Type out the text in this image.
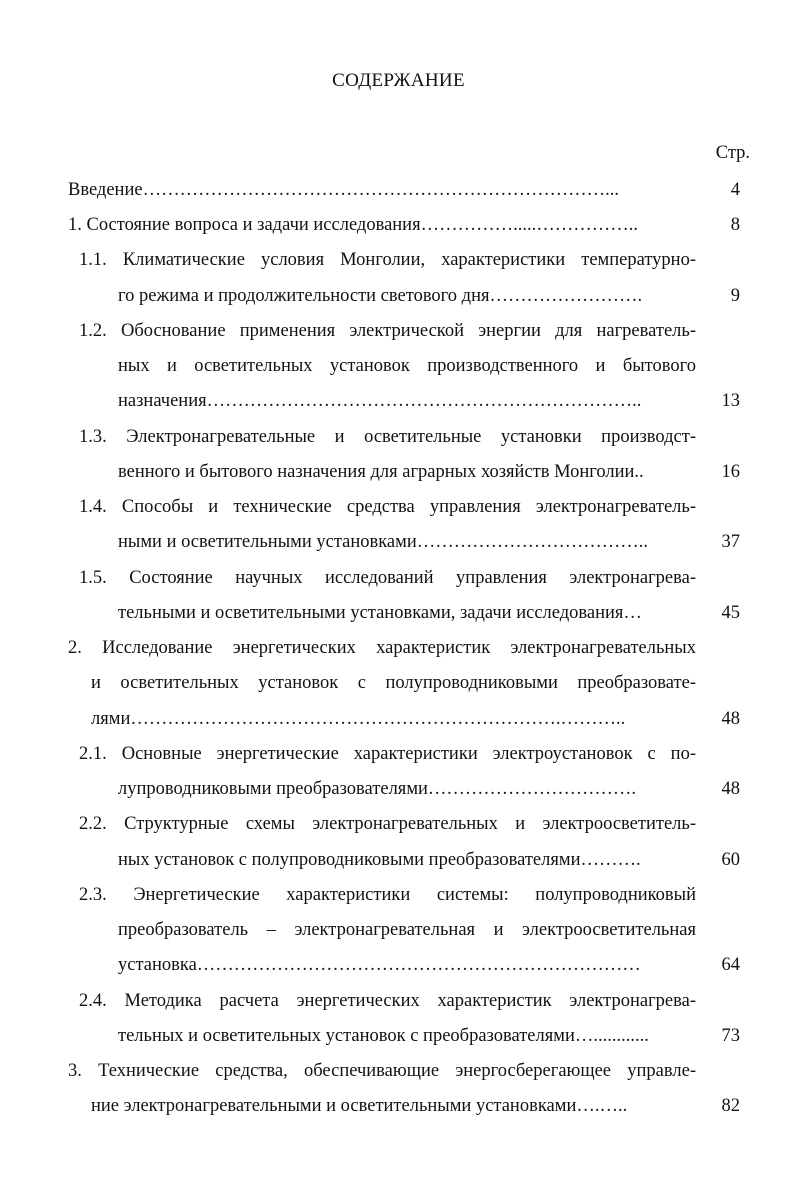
СОДЕРЖАНИЕ
Стр.
Введение…………………………………………………………………...	4
1. Состояние вопроса и задачи исследования…………….....……………..	8
1.1. Климатические условия Монголии, характеристики температурно-
го режима и продолжительности светового дня…………………….	9
1.2. Обоснование применения электрической энергии для нагреватель-
ных и осветительных установок производственного и бытового
назначения……………………………………………………………..	13
1.3. Электронагревательные и осветительные установки производст-
венного и бытового назначения для аграрных хозяйств Монголии..	16
1.4. Способы и технические средства управления электронагреватель-
ными и осветительными установками………………………………..	37
1.5. Состояние научных исследований управления электронагрева-
тельными и осветительными установками, задачи исследования…	45
2. Исследование энергетических характеристик электронагревательных
и осветительных установок с полупроводниковыми преобразовате-
лями…………………………………………………………….………..	48
2.1. Основные энергетические характеристики электроустановок с по-
лупроводниковыми преобразователями…………………………….	48
2.2. Структурные схемы электронагревательных и электроосветитель-
ных установок с полупроводниковыми преобразователями……….	60
2.3. Энергетические характеристики системы: полупроводниковый
преобразователь – электронагревательная и электроосветительная
установка………………………………………………………………	64
2.4. Методика расчета энергетических характеристик электронагрева-
тельных и осветительных установок с преобразователями…............	73
3. Технические средства, обеспечивающие энергосберегающее управле-
ние электронагревательными и осветительными установками….…..	82
